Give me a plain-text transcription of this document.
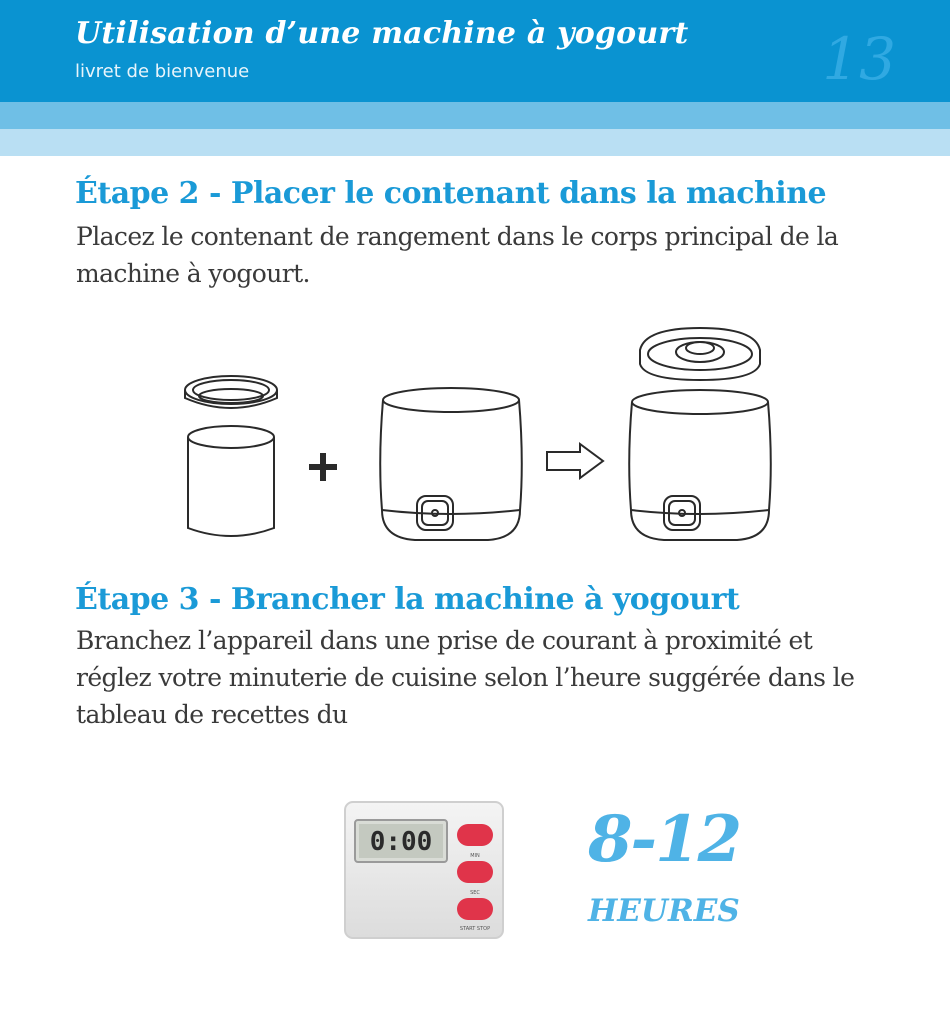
Utilisation d’une machine à yogourt
livret de bienvenue	13
Étape 2 - Placer le contenant dans la machine
Placez le contenant de rangement dans le corps principal de la machine à yogourt.
Étape 3 - Brancher la machine à yogourt
Branchez l’appareil dans une prise de courant à proximité et réglez votre minuterie de cuisine selon l’heure suggérée dans le tableau de recettes du
0:00	MIN
SEC
START STOP
8-12
HEURES
